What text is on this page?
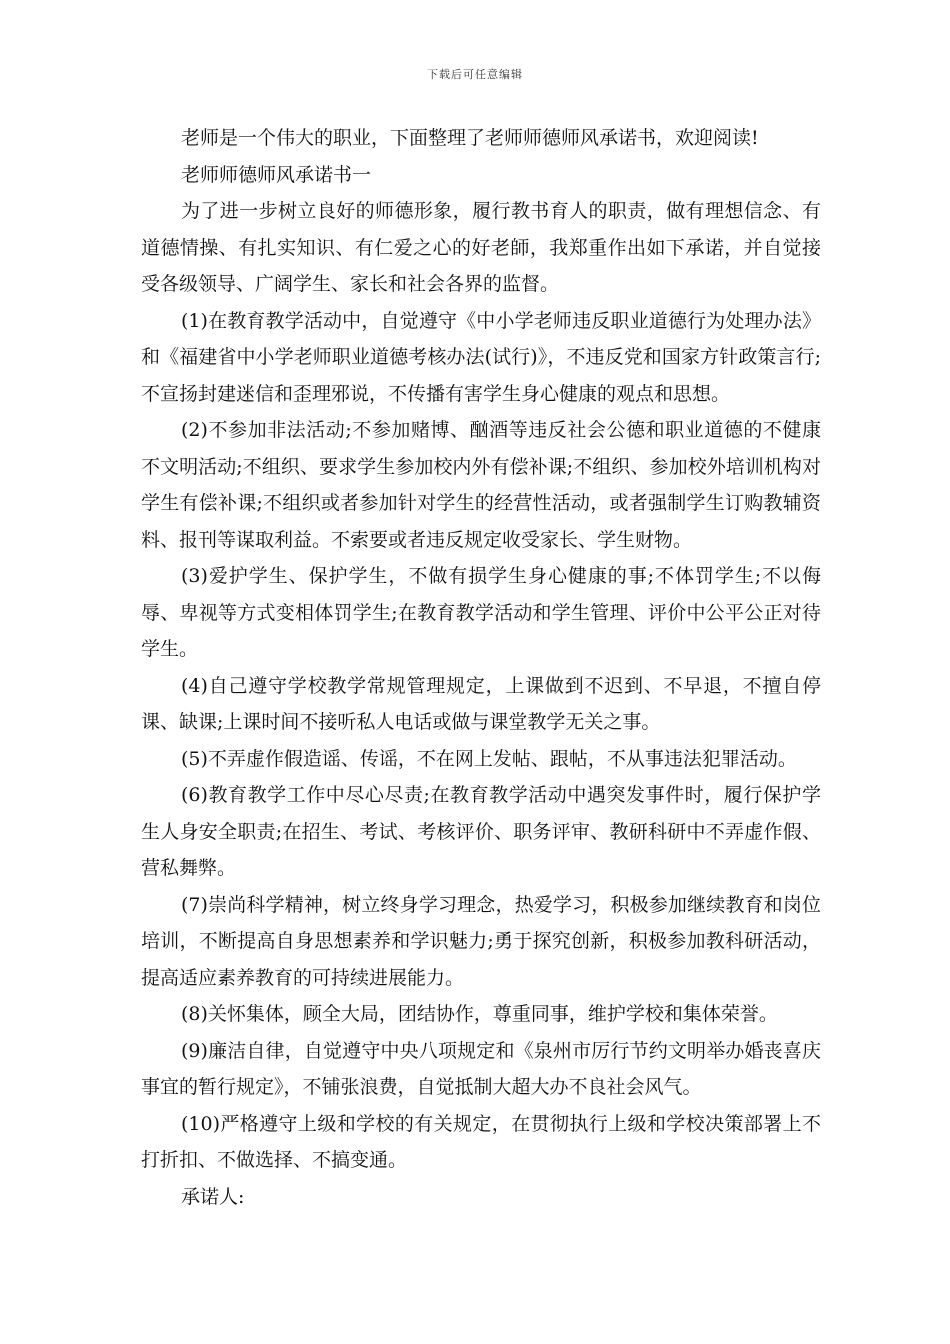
下载后可任意编辑

老师是一个伟大的职业，下面整理了老师师德师风承诺书，欢迎阅读!

老师师德师风承诺书一

为了进一步树立良好的师德形象，履行教书育人的职责，做有理想信念、有道德情操、有扎实知识、有仁爱之心的好老師，我郑重作出如下承诺，并自觉接受各级领导、广阔学生、家长和社会各界的监督。

(1)在教育教学活动中，自觉遵守《中小学老师违反职业道德行为处理办法》和《福建省中小学老师职业道德考核办法(试行)》，不违反党和国家方针政策言行;不宣扬封建迷信和歪理邪说，不传播有害学生身心健康的观点和思想。

(2)不参加非法活动;不参加赌博、酗酒等违反社会公德和职业道德的不健康不文明活动;不组织、要求学生参加校内外有偿补课;不组织、参加校外培训机构对学生有偿补课;不组织或者参加针对学生的经营性活动，或者强制学生订购教辅资料、报刊等谋取利益。不索要或者违反规定收受家长、学生财物。

(3)爱护学生、保护学生，不做有损学生身心健康的事;不体罚学生;不以侮辱、卑视等方式变相体罚学生;在教育教学活动和学生管理、评价中公平公正对待学生。

(4)自己遵守学校教学常规管理规定，上课做到不迟到、不早退，不擅自停课、缺课;上课时间不接听私人电话或做与课堂教学无关之事。

(5)不弄虚作假造谣、传谣，不在网上发帖、跟帖，不从事违法犯罪活动。

(6)教育教学工作中尽心尽责;在教育教学活动中遇突发事件时，履行保护学生人身安全职责;在招生、考试、考核评价、职务评审、教研科研中不弄虚作假、营私舞弊。

(7)崇尚科学精神，树立终身学习理念，热爱学习，积极参加继续教育和岗位培训，不断提高自身思想素养和学识魅力;勇于探究创新，积极参加教科研活动，提高适应素养教育的可持续进展能力。

(8)关怀集体，顾全大局，团结协作，尊重同事，维护学校和集体荣誉。

(9)廉洁自律，自觉遵守中央八项规定和《泉州市厉行节约文明举办婚丧喜庆事宜的暂行规定》，不铺张浪费，自觉抵制大超大办不良社会风气。

(10)严格遵守上级和学校的有关规定，在贯彻执行上级和学校决策部署上不打折扣、不做选择、不搞变通。

承诺人:
